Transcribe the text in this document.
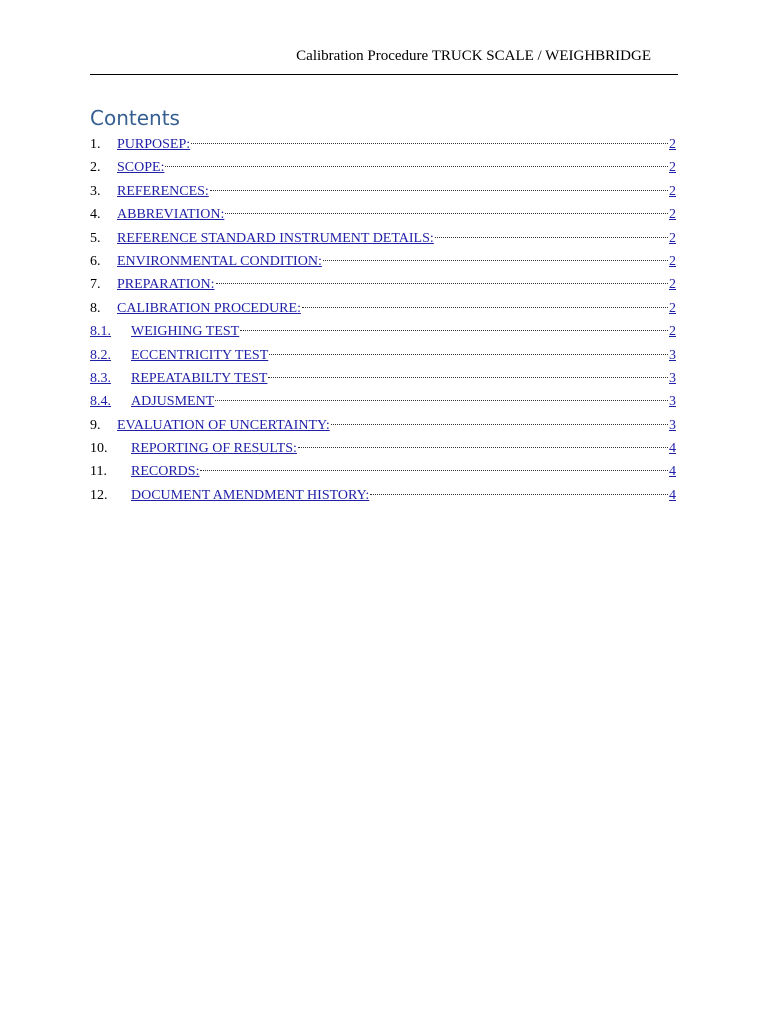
Calibration Procedure TRUCK SCALE / WEIGHBRIDGE
Contents
1. PURPOSEP:	2
2. SCOPE:	2
3. REFERENCES:	2
4. ABBREVIATION:	2
5. REFERENCE STANDARD INSTRUMENT DETAILS:	2
6. ENVIRONMENTAL CONDITION:	2
7. PREPARATION:	2
8. CALIBRATION PROCEDURE:	2
8.1. WEIGHING TEST	2
8.2. ECCENTRICITY TEST	3
8.3. REPEATABILTY TEST	3
8.4. ADJUSMENT	3
9. EVALUATION OF UNCERTAINTY:	3
10. REPORTING OF RESULTS:	4
11. RECORDS:	4
12. DOCUMENT AMENDMENT HISTORY:	4
